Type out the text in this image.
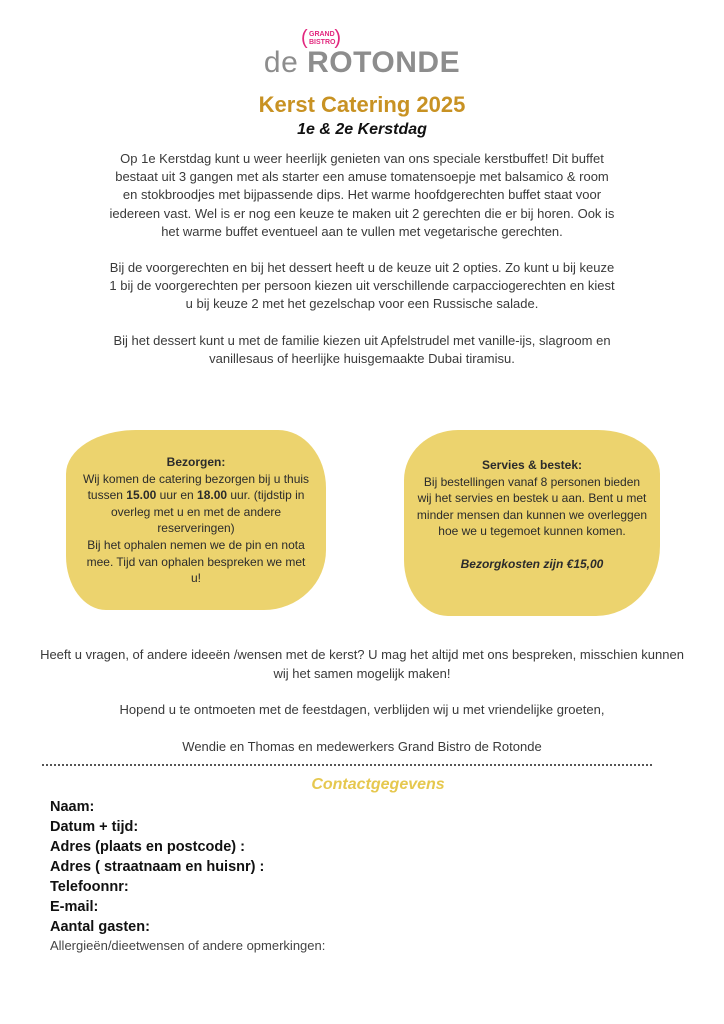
( GRAND
BISTRO
)
de ROTONDE
Kerst Catering 2025
1e & 2e Kerstdag

Op 1e Kerstdag kunt u weer heerlijk genieten van ons speciale kerstbuffet! Dit buffet bestaat uit 3 gangen met als starter een amuse tomatensoepje met balsamico & room en stokbroodjes met bijpassende dips. Het warme hoofdgerechten buffet staat voor iedereen vast. Wel is er nog een keuze te maken uit 2 gerechten die er bij horen. Ook is het warme buffet eventueel aan te vullen met vegetarische gerechten.

Bij de voorgerechten en bij het dessert heeft u de keuze uit 2 opties. Zo kunt u bij keuze 1 bij de voorgerechten per persoon kiezen uit verschillende carpacciogerechten en kiest u bij keuze 2 met het gezelschap voor een Russische salade.

Bij het dessert kunt u met de familie kiezen uit Apfelstrudel met vanille-ijs, slagroom en vanillesaus of heerlijke huisgemaakte Dubai tiramisu.

Bezorgen:
Wij komen de catering bezorgen bij u thuis tussen 15.00 uur en 18.00 uur. (tijdstip in overleg met u en met de andere reserveringen)
Bij het ophalen nemen we de pin en nota mee. Tijd van ophalen bespreken we met u!
Servies & bestek:
Bij bestellingen vanaf 8 personen bieden wij het servies en bestek u aan. Bent u met minder mensen dan kunnen we overleggen hoe we u tegemoet kunnen komen.
Bezorgkosten zijn €15,00

Heeft u vragen, of andere ideeën /wensen met de kerst? U mag het altijd met ons bespreken, misschien kunnen wij het samen mogelijk maken!

Hopend u te ontmoeten met de feestdagen, verblijden wij u met vriendelijke groeten,

Wendie en Thomas en medewerkers Grand Bistro de Rotonde

Contactgegevens
Naam:
Datum + tijd:
Adres (plaats en postcode) :
Adres ( straatnaam en huisnr) :
Telefoonnr:
E-mail:
Aantal gasten:
Allergieën/dieetwensen of andere opmerkingen:
